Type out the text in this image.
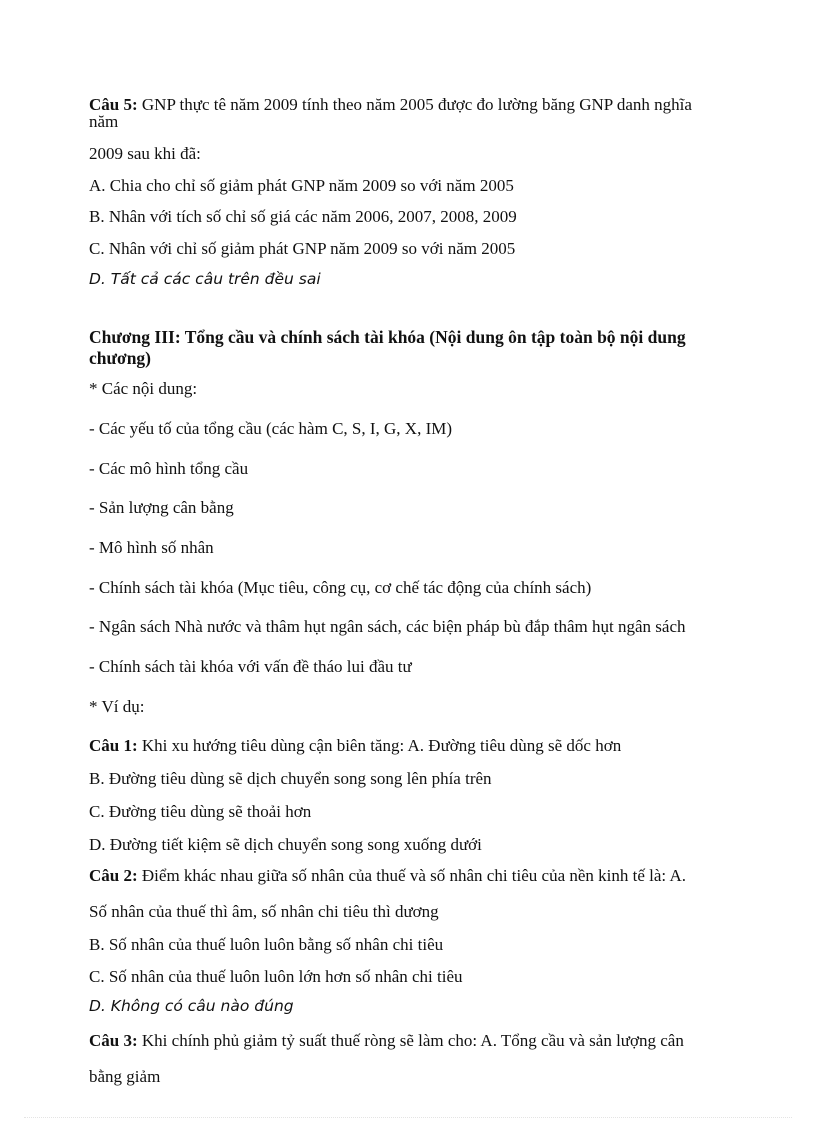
Câu 5: GNP thực tê năm 2009 tính theo năm 2005 được đo lường băng GNP danh nghĩa
năm
2009 sau khi đã:
A. Chia cho chỉ số giảm phát GNP năm 2009 so với năm 2005
B. Nhân với tích số chỉ số giá các năm 2006, 2007, 2008, 2009
C. Nhân với chỉ số giảm phát GNP năm 2009 so với năm 2005
D. Tất cả các câu trên đều sai
Chương III: Tổng cầu và chính sách tài khóa (Nội dung ôn tập toàn bộ nội dung
chương)
* Các nội dung:
- Các yếu tố của tổng cầu (các hàm C, S, I, G, X, IM)
- Các mô hình tổng cầu
- Sản lượng cân bằng
- Mô hình số nhân
- Chính sách tài khóa (Mục tiêu, công cụ, cơ chế tác động của chính sách)
- Ngân sách Nhà nước và thâm hụt ngân sách, các biện pháp bù đắp thâm hụt ngân sách
- Chính sách tài khóa với vấn đề tháo lui đầu tư
* Ví dụ:
Câu 1: Khi xu hướng tiêu dùng cận biên tăng: A. Đường tiêu dùng sẽ dốc hơn
B. Đường tiêu dùng sẽ dịch chuyển song song lên phía trên
C. Đường tiêu dùng sẽ thoải hơn
D. Đường tiết kiệm sẽ dịch chuyển song song xuống dưới
Câu 2: Điểm khác nhau giữa số nhân của thuế và số nhân chi tiêu của nền kinh tế là: A.
Số nhân của thuế thì âm, số nhân chi tiêu thì dương
B. Số nhân của thuế luôn luôn bằng số nhân chi tiêu
C. Số nhân của thuế luôn luôn lớn hơn số nhân chi tiêu
D. Không có câu nào đúng
Câu 3: Khi chính phủ giảm tỷ suất thuế ròng sẽ làm cho: A. Tổng cầu và sản lượng cân
bằng giảm
